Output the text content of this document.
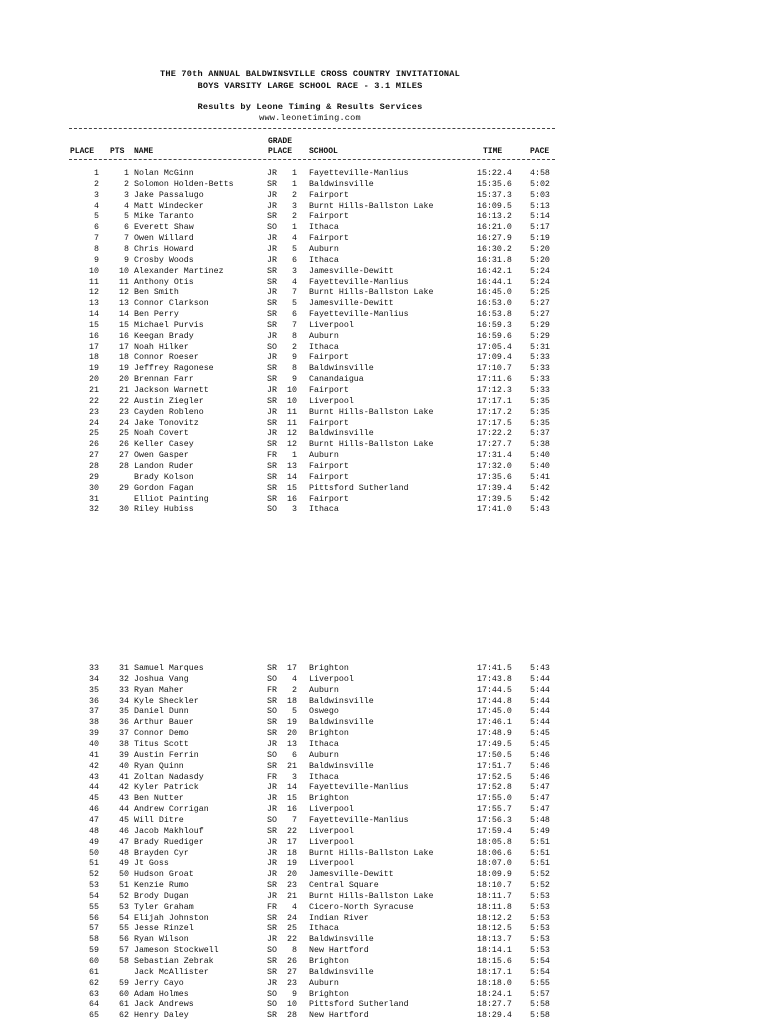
THE 70th ANNUAL BALDWINSVILLE CROSS COUNTRY INVITATIONAL
BOYS VARSITY LARGE SCHOOL RACE - 3.1 MILES
Results by Leone Timing & Results Services
www.leonetiming.com
GRADE
PLACE PTS NAME	PLACE SCHOOL	TIME	PACE
1	1 Nolan McGinn	JR	1 Fayetteville-Manlius	15:22.4 4:58
2	2 Solomon Holden-Betts	SR	1 Baldwinsville	15:35.6 5:02
3	3 Jake Passalugo	JR	2 Fairport	15:37.3 5:03
4	4 Matt Windecker	JR	3 Burnt Hills-Ballston Lake	16:09.5 5:13
5	5 Mike Taranto	SR	2 Fairport	16:13.2 5:14
6	6 Everett Shaw	SO	1 Ithaca	16:21.0 5:17
7	7 Owen Willard	JR	4 Fairport	16:27.9 5:19
8	8 Chris Howard	JR	5 Auburn	16:30.2 5:20
9	9 Crosby Woods	JR	6 Ithaca	16:31.8 5:20
10	10 Alexander Martinez	SR	3 Jamesville-Dewitt	16:42.1 5:24
11	11 Anthony Otis	SR	4 Fayetteville-Manlius	16:44.1 5:24
12	12 Ben Smith	JR	7 Burnt Hills-Ballston Lake	16:45.0 5:25
13	13 Connor Clarkson	SR	5 Jamesville-Dewitt	16:53.0 5:27
14	14 Ben Perry	SR	6 Fayetteville-Manlius	16:53.8 5:27
15	15 Michael Purvis	SR	7 Liverpool	16:59.3 5:29
16	16 Keegan Brady	JR	8 Auburn	16:59.6 5:29
17	17 Noah Hilker	SO	2 Ithaca	17:05.4 5:31
18	18 Connor Roeser	JR	9 Fairport	17:09.4 5:33
19	19 Jeffrey Ragonese	SR	8 Baldwinsville	17:10.7 5:33
20	20 Brennan Farr	SR	9 Canandaigua	17:11.6 5:33
21	21 Jackson Warnett	JR	10 Fairport	17:12.3 5:33
22	22 Austin Ziegler	SR	10 Liverpool	17:17.1 5:35
23	23 Cayden Robleno	JR	11 Burnt Hills-Ballston Lake	17:17.2 5:35
24	24 Jake Tonovitz	SR	11 Fairport	17:17.5 5:35
25	25 Noah Covert	JR	12 Baldwinsville	17:22.2 5:37
26	26 Keller Casey	SR	12 Burnt Hills-Ballston Lake	17:27.7 5:38
27	27 Owen Gasper	FR	1 Auburn	17:31.4 5:40
28	28 Landon Ruder	SR	13 Fairport	17:32.0 5:40
29	Brady Kolson	SR	14 Fairport	17:35.6 5:41
30	29 Gordon Fagan	SR	15 Pittsford Sutherland	17:39.4 5:42
31	Elliot Painting	SR	16 Fairport	17:39.5 5:42
32	30 Riley Hubiss	SO	3 Ithaca	17:41.0 5:43
33	31 Samuel Marques	SR	17 Brighton	17:41.5 5:43
34	32 Joshua Vang	SO	4 Liverpool	17:43.8 5:44
35	33 Ryan Maher	FR	2 Auburn	17:44.5 5:44
36	34 Kyle Sheckler	SR	18 Baldwinsville	17:44.8 5:44
37	35 Daniel Dunn	SO	5 Oswego	17:45.0 5:44
38	36 Arthur Bauer	SR	19 Baldwinsville	17:46.1 5:44
39	37 Connor Demo	SR	20 Brighton	17:48.9 5:45
40	38 Titus Scott	JR	13 Ithaca	17:49.5 5:45
41	39 Austin Ferrin	SO	6 Auburn	17:50.5 5:46
42	40 Ryan Quinn	SR	21 Baldwinsville	17:51.7 5:46
43	41 Zoltan Nadasdy	FR	3 Ithaca	17:52.5 5:46
44	42 Kyler Patrick	JR	14 Fayetteville-Manlius	17:52.8 5:47
45	43 Ben Nutter	JR	15 Brighton	17:55.0 5:47
46	44 Andrew Corrigan	JR	16 Liverpool	17:55.7 5:47
47	45 Will Ditre	SO	7 Fayetteville-Manlius	17:56.3 5:48
48	46 Jacob Makhlouf	SR	22 Liverpool	17:59.4 5:49
49	47 Brady Ruediger	JR	17 Liverpool	18:05.8 5:51
50	48 Brayden Cyr	JR	18 Burnt Hills-Ballston Lake	18:06.6 5:51
51	49 Jt Goss	JR	19 Liverpool	18:07.0 5:51
52	50 Hudson Groat	JR	20 Jamesville-Dewitt	18:09.9 5:52
53	51 Kenzie Rumo	SR	23 Central Square	18:10.7 5:52
54	52 Brody Dugan	JR	21 Burnt Hills-Ballston Lake	18:11.7 5:53
55	53 Tyler Graham	FR	4 Cicero-North Syracuse	18:11.8 5:53
56	54 Elijah Johnston	SR	24 Indian River	18:12.2 5:53
57	55 Jesse Rinzel	SR	25 Ithaca	18:12.5 5:53
58	56 Ryan Wilson	JR	22 Baldwinsville	18:13.7 5:53
59	57 Jameson Stockwell	SO	8 New Hartford	18:14.1 5:53
60	58 Sebastian Zebrak	SR	26 Brighton	18:15.6 5:54
61	Jack McAllister	SR	27 Baldwinsville	18:17.1 5:54
62	59 Jerry Cayo	JR	23 Auburn	18:18.0 5:55
63	60 Adam Holmes	SO	9 Brighton	18:24.1 5:57
64	61 Jack Andrews	SO	10 Pittsford Sutherland	18:27.7 5:58
65	62 Henry Daley	SR	28 New Hartford	18:29.4 5:58
